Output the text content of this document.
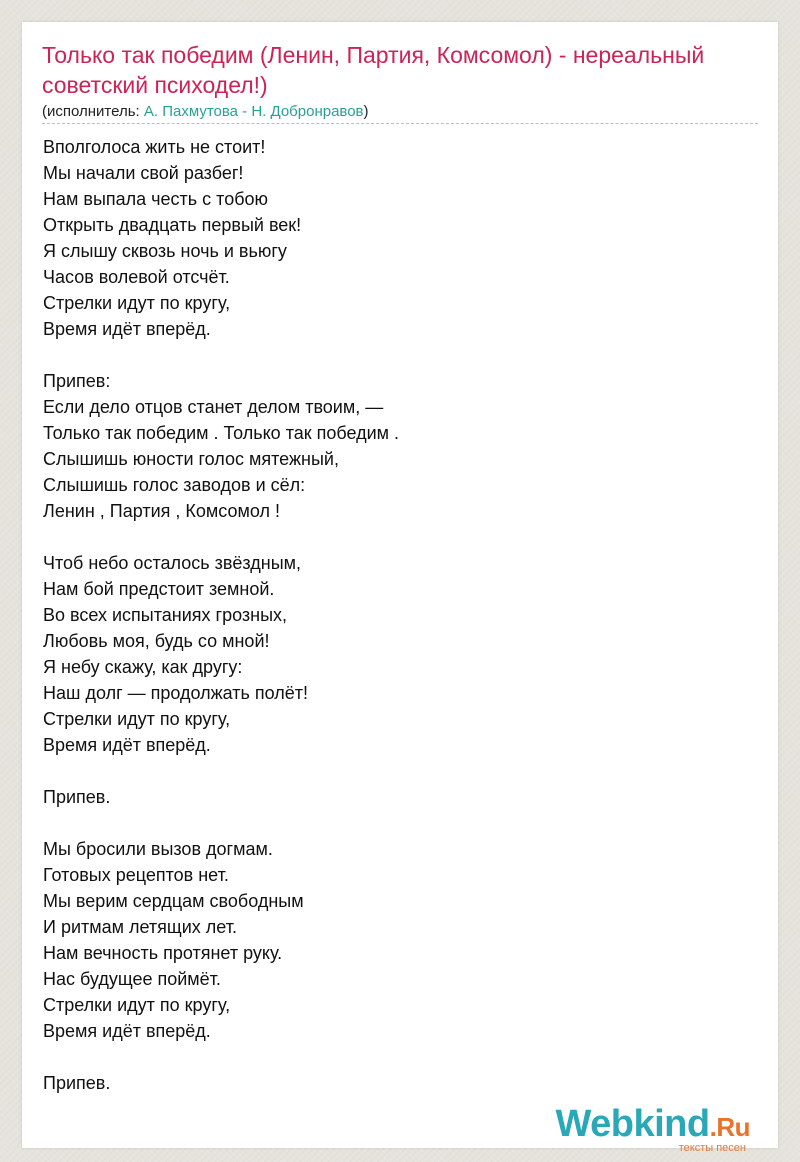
Только так победим (Ленин, Партия, Комсомол) - нереальный советский психодел!)
(исполнитель: А. Пахмутова - Н. Добронравов)
Вполголоса жить не стоит!
Мы начали свой разбег!
Нам выпала честь с тобою
Открыть двадцать первый век!
Я слышу сквозь ночь и вьюгу
Часов волевой отсчёт.
Стрелки идут по кругу,
Время идёт вперёд.
Припев:
Если дело отцов станет делом твоим, —
Только так победим . Только так победим .
Слышишь юности голос мятежный,
Слышишь голос заводов и сёл:
Ленин , Партия , Комсомол !
Чтоб небо осталось звёздным,
Нам бой предстоит земной.
Во всех испытаниях грозных,
Любовь моя, будь со мной!
Я небу скажу, как другу:
Наш долг — продолжать полёт!
Стрелки идут по кругу,
Время идёт вперёд.
Припев.
Мы бросили вызов догмам.
Готовых рецептов нет.
Мы верим сердцам свободным
И ритмам летящих лет.
Нам вечность протянет руку.
Нас будущее поймёт.
Стрелки идут по кругу,
Время идёт вперёд.
Припев.
Webkind.Ru
тексты песен
